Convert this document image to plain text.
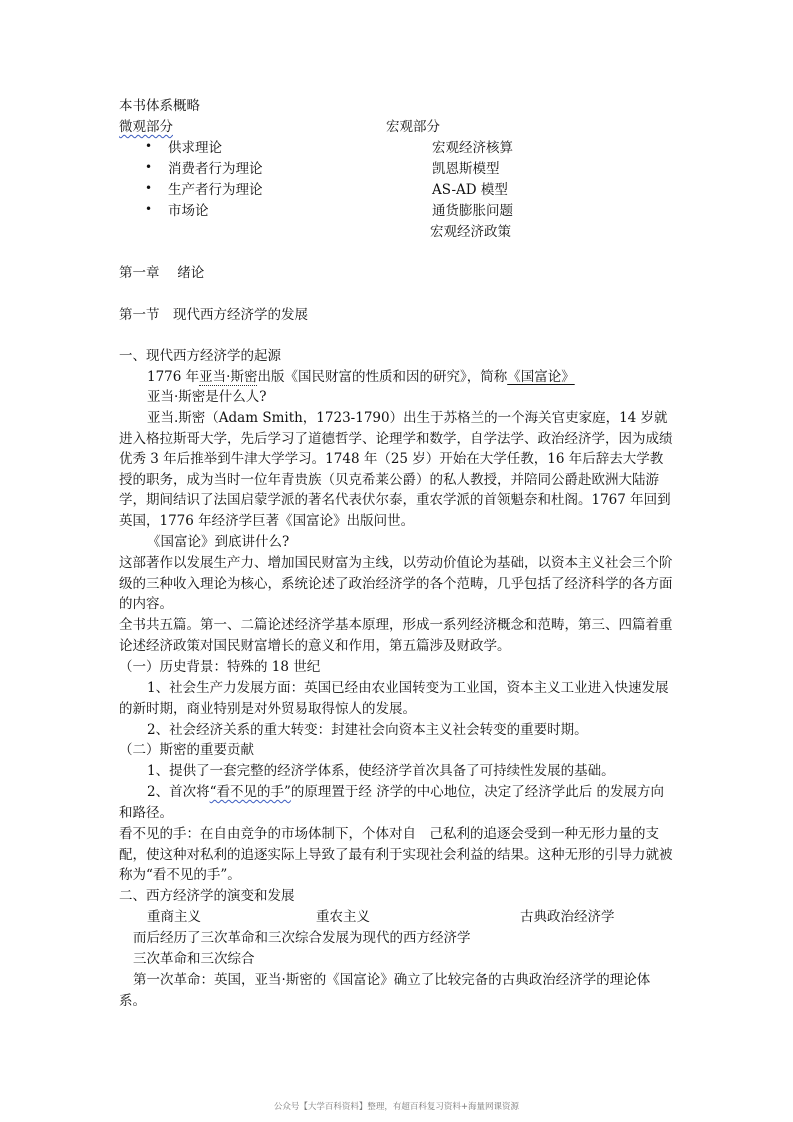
本书体系概略
微观部分	宏观部分
• 供求理论
• 消费者行为理论
• 生产者行为理论
• 市场论
宏观经济核算
凯恩斯模型
AS-AD 模型
通货膨胀问题
宏观经济政策
第一章　 绪论
第一节　现代西方经济学的发展
一、现代西方经济学的起源
1776 年亚当·斯密出版《国民财富的性质和因的研究》，简称《国富论》
亚当·斯密是什么人?
亚当.斯密（Adam Smith，1723-1790）出生于苏格兰的一个海关官吏家庭，14 岁就进入格拉斯哥大学，先后学习了道德哲学、论理学和数学，自学法学、政治经济学，因为成绩优秀 3 年后推举到牛津大学学习。1748 年（25 岁）开始在大学任教，16 年后辞去大学教授的职务，成为当时一位年青贵族（贝克希莱公爵）的私人教授，并陪同公爵赴欧洲大陆游学，期间结识了法国启蒙学派的著名代表伏尔泰，重农学派的首领魁奈和杜阁。1767 年回到英国，1776 年经济学巨著《国富论》出版问世。
《国富论》到底讲什么?
这部著作以发展生产力、增加国民财富为主线，以劳动价值论为基础，以资本主义社会三个阶级的三种收入理论为核心，系统论述了政治经济学的各个范畴，几乎包括了经济科学的各方面的内容。
全书共五篇。第一、二篇论述经济学基本原理，形成一系列经济概念和范畴，第三、四篇着重论述经济政策对国民财富增长的意义和作用，第五篇涉及财政学。
（一）历史背景：特殊的 18 世纪
1、社会生产力发展方面：英国已经由农业国转变为工业国，资本主义工业进入快速发展的新时期，商业特别是对外贸易取得惊人的发展。
2、社会经济关系的重大转变：封建社会向资本主义社会转变的重要时期。
（二）斯密的重要贡献
1、提供了一套完整的经济学体系，使经济学首次具备了可持续性发展的基础。
2、首次将“看不见的手”的原理置于经 济学的中心地位，决定了经济学此后 的发展方向和路径。
看不见的手：在自由竞争的市场体制下，个体对自　己私利的追逐会受到一种无形力量的支配，使这种对私利的追逐实际上导致了最有利于实现社会利益的结果。这种无形的引导力就被称为“看不见的手”。
二、西方经济学的演变和发展
重商主义	重农主义	古典政治经济学
而后经历了三次革命和三次综合发展为现代的西方经济学
三次革命和三次综合
第一次革命：英国，亚当·斯密的《国富论》确立了比较完备的古典政治经济学的理论体系。
公众号【大学百科资料】整理，有超百科复习资料+海量网课资源
